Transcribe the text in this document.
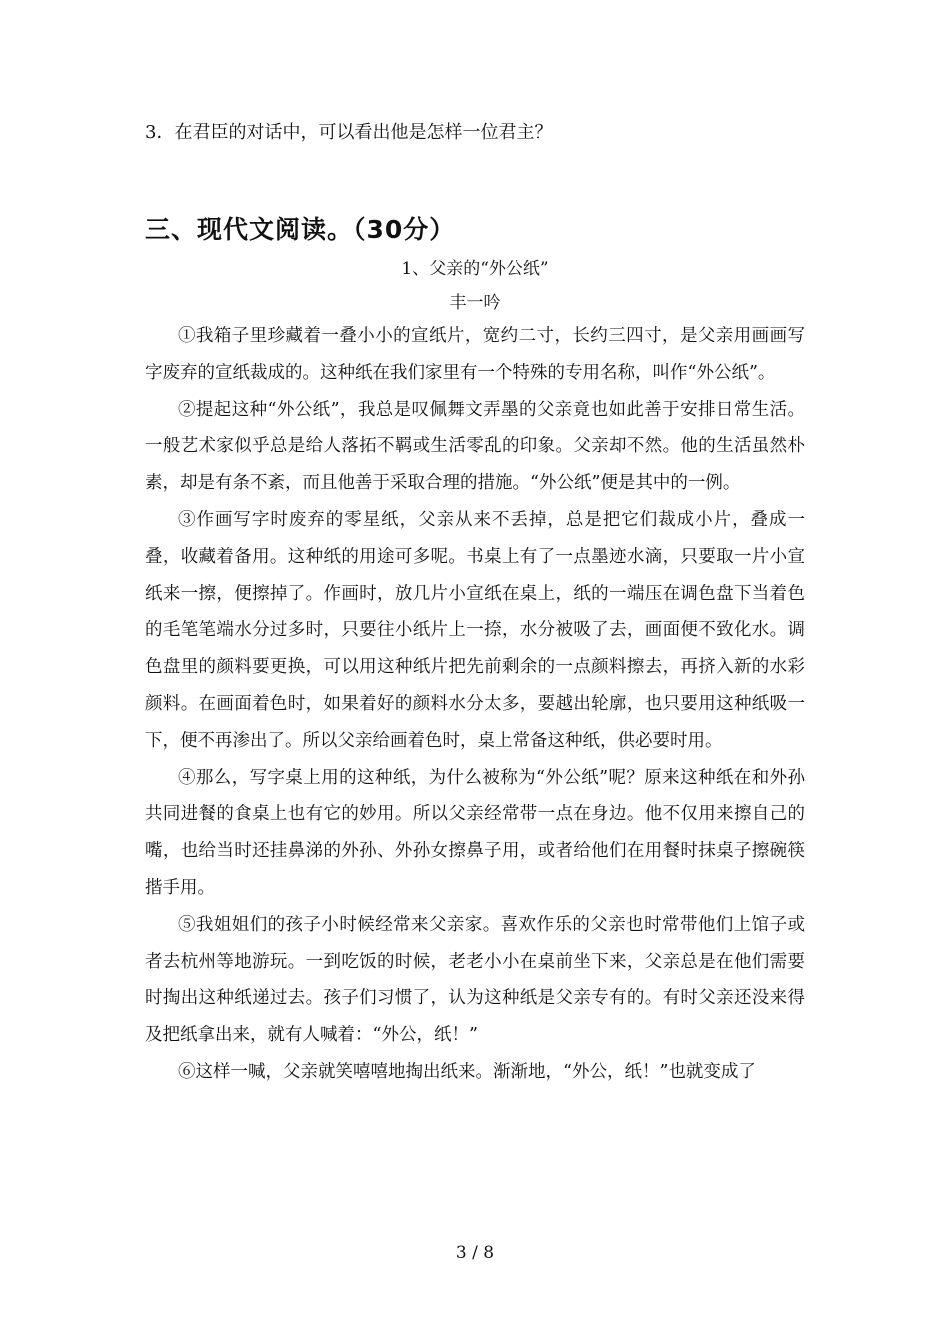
3．在君臣的对话中，可以看出他是怎样一位君主？
三、现代文阅读。（30分）
1、父亲的“外公纸”
丰一吟

①我箱子里珍藏着一叠小小的宣纸片，宽约二寸，长约三四寸，是父亲用画画写字废弃的宣纸裁成的。这种纸在我们家里有一个特殊的专用名称，叫作“外公纸”。

②提起这种“外公纸”，我总是叹佩舞文弄墨的父亲竟也如此善于安排日常生活。一般艺术家似乎总是给人落拓不羁或生活零乱的印象。父亲却不然。他的生活虽然朴素，却是有条不紊，而且他善于采取合理的措施。“外公纸”便是其中的一例。

③作画写字时废弃的零星纸，父亲从来不丢掉，总是把它们裁成小片，叠成一叠，收藏着备用。这种纸的用途可多呢。书桌上有了一点墨迹水滴，只要取一片小宣纸来一擦，便擦掉了。作画时，放几片小宣纸在桌上，纸的一端压在调色盘下当着色的毛笔笔端水分过多时，只要往小纸片上一捺，水分被吸了去，画面便不致化水。调色盘里的颜料要更换，可以用这种纸片把先前剩余的一点颜料擦去，再挤入新的水彩颜料。在画面着色时，如果着好的颜料水分太多，要越出轮廓，也只要用这种纸吸一下，便不再渗出了。所以父亲给画着色时，桌上常备这种纸，供必要时用。

④那么，写字桌上用的这种纸，为什么被称为“外公纸”呢？原来这种纸在和外孙共同进餐的食桌上也有它的妙用。所以父亲经常带一点在身边。他不仅用来擦自己的嘴，也给当时还挂鼻涕的外孙、外孙女擦鼻子用，或者给他们在用餐时抹桌子擦碗筷揩手用。

⑤我姐姐们的孩子小时候经常来父亲家。喜欢作乐的父亲也时常带他们上馆子或者去杭州等地游玩。一到吃饭的时候，老老小小在桌前坐下来，父亲总是在他们需要时掏出这种纸递过去。孩子们习惯了，认为这种纸是父亲专有的。有时父亲还没来得及把纸拿出来，就有人喊着：“外公，纸！”

⑥这样一喊，父亲就笑嘻嘻地掏出纸来。渐渐地，“外公，纸！”也就变成了

3 / 8
